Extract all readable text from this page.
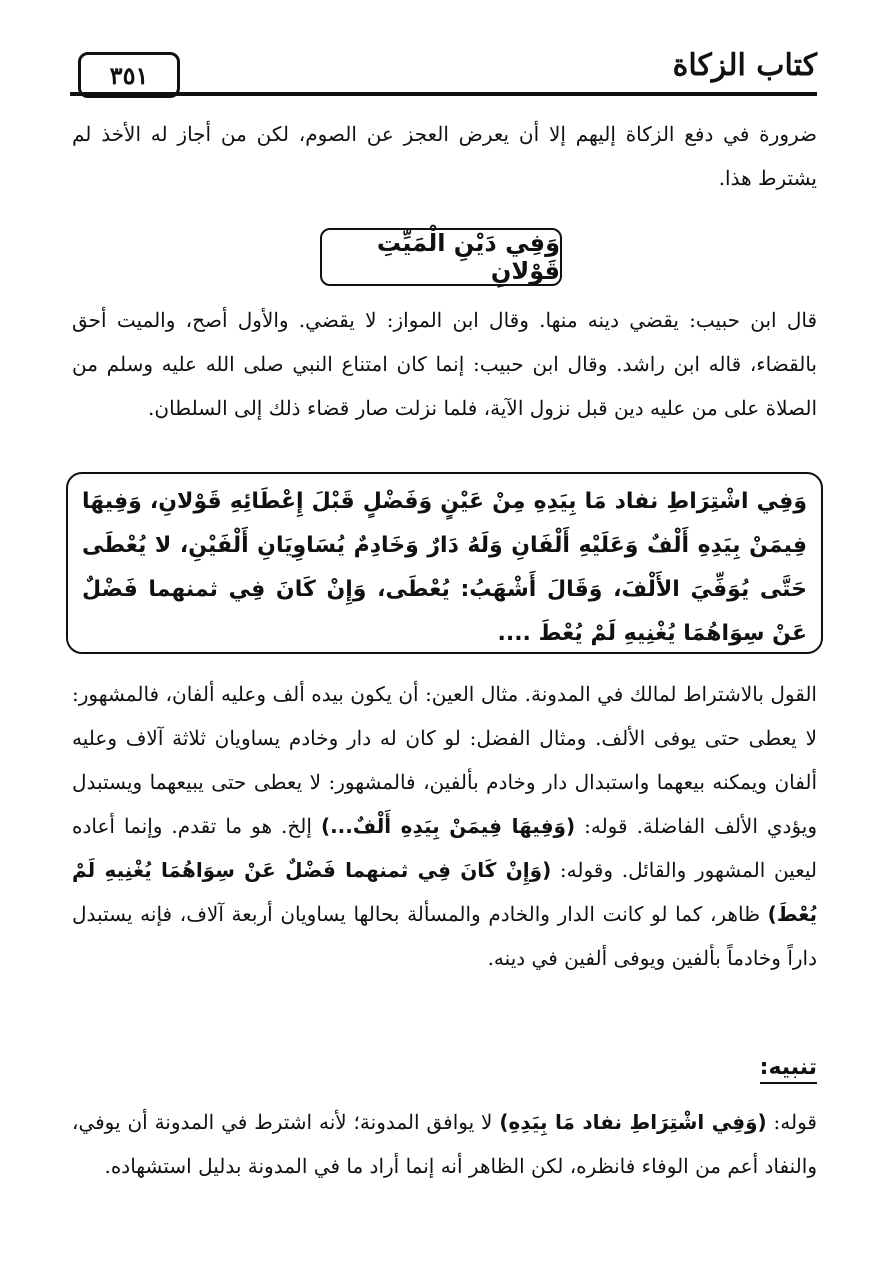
كتاب الزكاة
٣٥١

ضرورة في دفع الزكاة إليهم إلا أن يعرض العجز عن الصوم، لكن من أجاز له الأخذ لم يشترط هذا.

وَفِي دَيْنِ الْمَيِّتِ قَوْلانِ

قال ابن حبيب: يقضي دينه منها. وقال ابن المواز: لا يقضي. والأول أصح، والميت أحق بالقضاء، قاله ابن راشد. وقال ابن حبيب: إنما كان امتناع النبي صلى الله عليه وسلم من الصلاة على من عليه دين قبل نزول الآية، فلما نزلت صار قضاء ذلك إلى السلطان.

وَفِي اشْتِرَاطِ نفاد مَا بِيَدِهِ مِنْ عَيْنٍ وَفَضْلٍ قَبْلَ إِعْطَائِهِ قَوْلانِ، وَفِيهَا فِيمَنْ بِيَدِهِ أَلْفٌ وَعَلَيْهِ أَلْفَانِ وَلَهُ دَارٌ وَخَادِمٌ يُسَاوِيَانِ أَلْفَيْنِ، لا يُعْطَى حَتَّى يُوَفِّيَ الأَلْفَ، وَقَالَ أَشْهَبُ: يُعْطَى، وَإِنْ كَانَ فِي ثمنهما فَضْلٌ عَنْ سِوَاهُمَا يُغْنِيهِ لَمْ يُعْطَ ....

القول بالاشتراط لمالك في المدونة. مثال العين: أن يكون بيده ألف وعليه ألفان، فالمشهور: لا يعطى حتى يوفى الألف. ومثال الفضل: لو كان له دار وخادم يساويان ثلاثة آلاف وعليه ألفان ويمكنه بيعهما واستبدال دار وخادم بألفين، فالمشهور: لا يعطى حتى يبيعهما ويستبدل ويؤدي الألف الفاضلة. قوله: (وَفِيهَا فِيمَنْ بِيَدِهِ أَلْفٌ...) إلخ. هو ما تقدم. وإنما أعاده ليعين المشهور والقائل. وقوله: (وَإِنْ كَانَ فِي ثمنهما فَضْلٌ عَنْ سِوَاهُمَا يُغْنِيهِ لَمْ يُعْطَ) ظاهر، كما لو كانت الدار والخادم والمسألة بحالها يساويان أربعة آلاف، فإنه يستبدل داراً وخادماً بألفين ويوفى ألفين في دينه.

تنبيه:

قوله: (وَفِي اشْتِرَاطِ نفاد مَا بِيَدِهِ) لا يوافق المدونة؛ لأنه اشترط في المدونة أن يوفي، والنفاد أعم من الوفاء فانظره، لكن الظاهر أنه إنما أراد ما في المدونة بدليل استشهاده.
